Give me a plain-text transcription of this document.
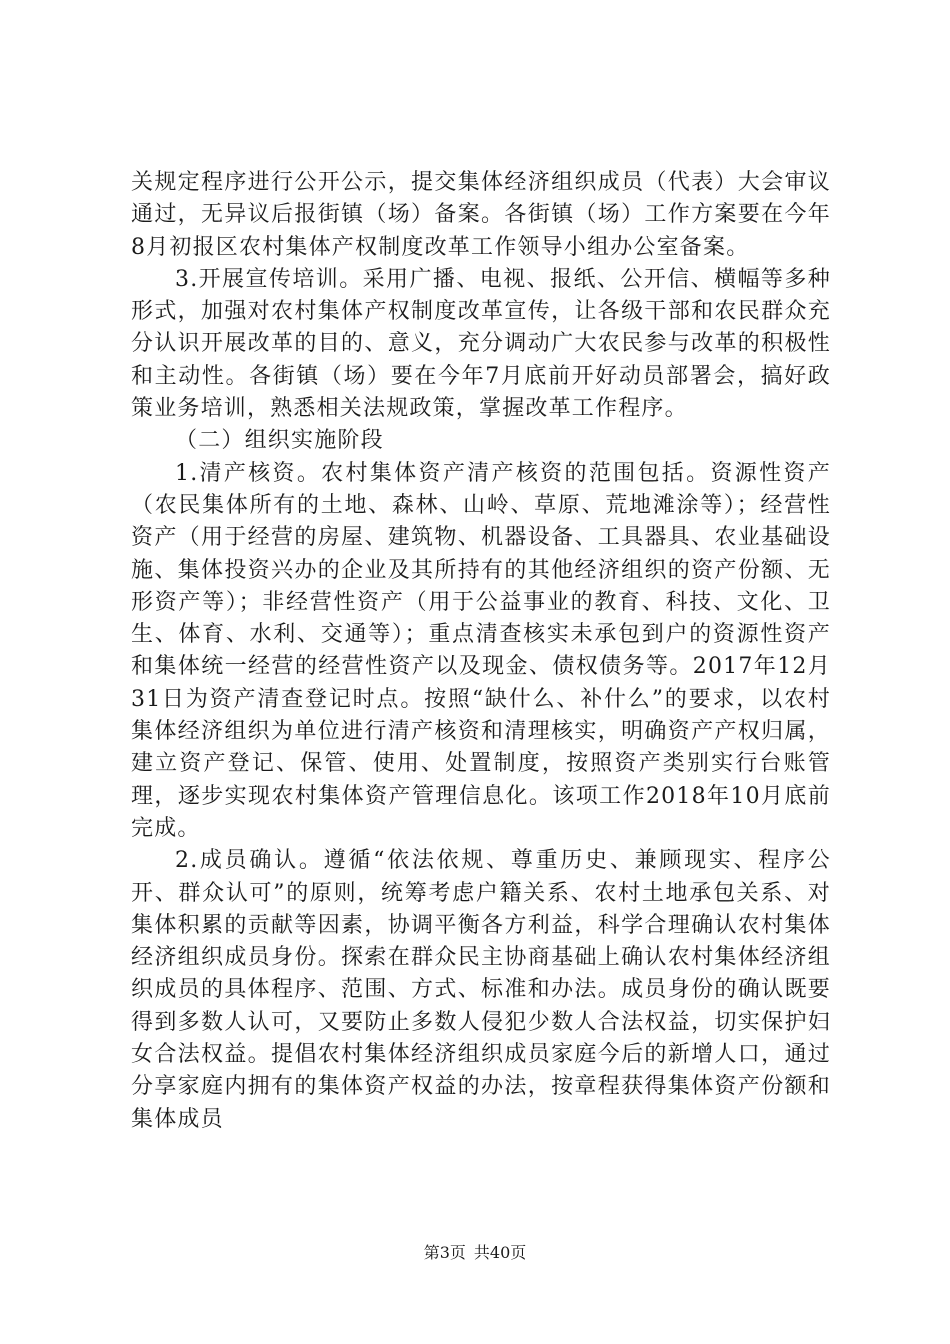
关规定程序进行公开公示，提交集体经济组织成员（代表）大会审议通过，无异议后报街镇（场）备案。各街镇（场）工作方案要在今年8月初报区农村集体产权制度改革工作领导小组办公室备案。

3.开展宣传培训。采用广播、电视、报纸、公开信、横幅等多种形式，加强对农村集体产权制度改革宣传，让各级干部和农民群众充分认识开展改革的目的、意义，充分调动广大农民参与改革的积极性和主动性。各街镇（场）要在今年7月底前开好动员部署会，搞好政策业务培训，熟悉相关法规政策，掌握改革工作程序。

（二）组织实施阶段

1.清产核资。农村集体资产清产核资的范围包括。资源性资产（农民集体所有的土地、森林、山岭、草原、荒地滩涂等）；经营性资产（用于经营的房屋、建筑物、机器设备、工具器具、农业基础设施、集体投资兴办的企业及其所持有的其他经济组织的资产份额、无形资产等）；非经营性资产（用于公益事业的教育、科技、文化、卫生、体育、水利、交通等）；重点清查核实未承包到户的资源性资产和集体统一经营的经营性资产以及现金、债权债务等。2017年12月31日为资产清查登记时点。按照“缺什么、补什么”的要求，以农村集体经济组织为单位进行清产核资和清理核实，明确资产产权归属，建立资产登记、保管、使用、处置制度，按照资产类别实行台账管理，逐步实现农村集体资产管理信息化。该项工作2018年10月底前完成。

2.成员确认。遵循“依法依规、尊重历史、兼顾现实、程序公开、群众认可”的原则，统筹考虑户籍关系、农村土地承包关系、对集体积累的贡献等因素，协调平衡各方利益，科学合理确认农村集体经济组织成员身份。探索在群众民主协商基础上确认农村集体经济组织成员的具体程序、范围、方式、标准和办法。成员身份的确认既要得到多数人认可，又要防止多数人侵犯少数人合法权益，切实保护妇女合法权益。提倡农村集体经济组织成员家庭今后的新增人口，通过分享家庭内拥有的集体资产权益的办法，按章程获得集体资产份额和集体成员

第3页 共40页
